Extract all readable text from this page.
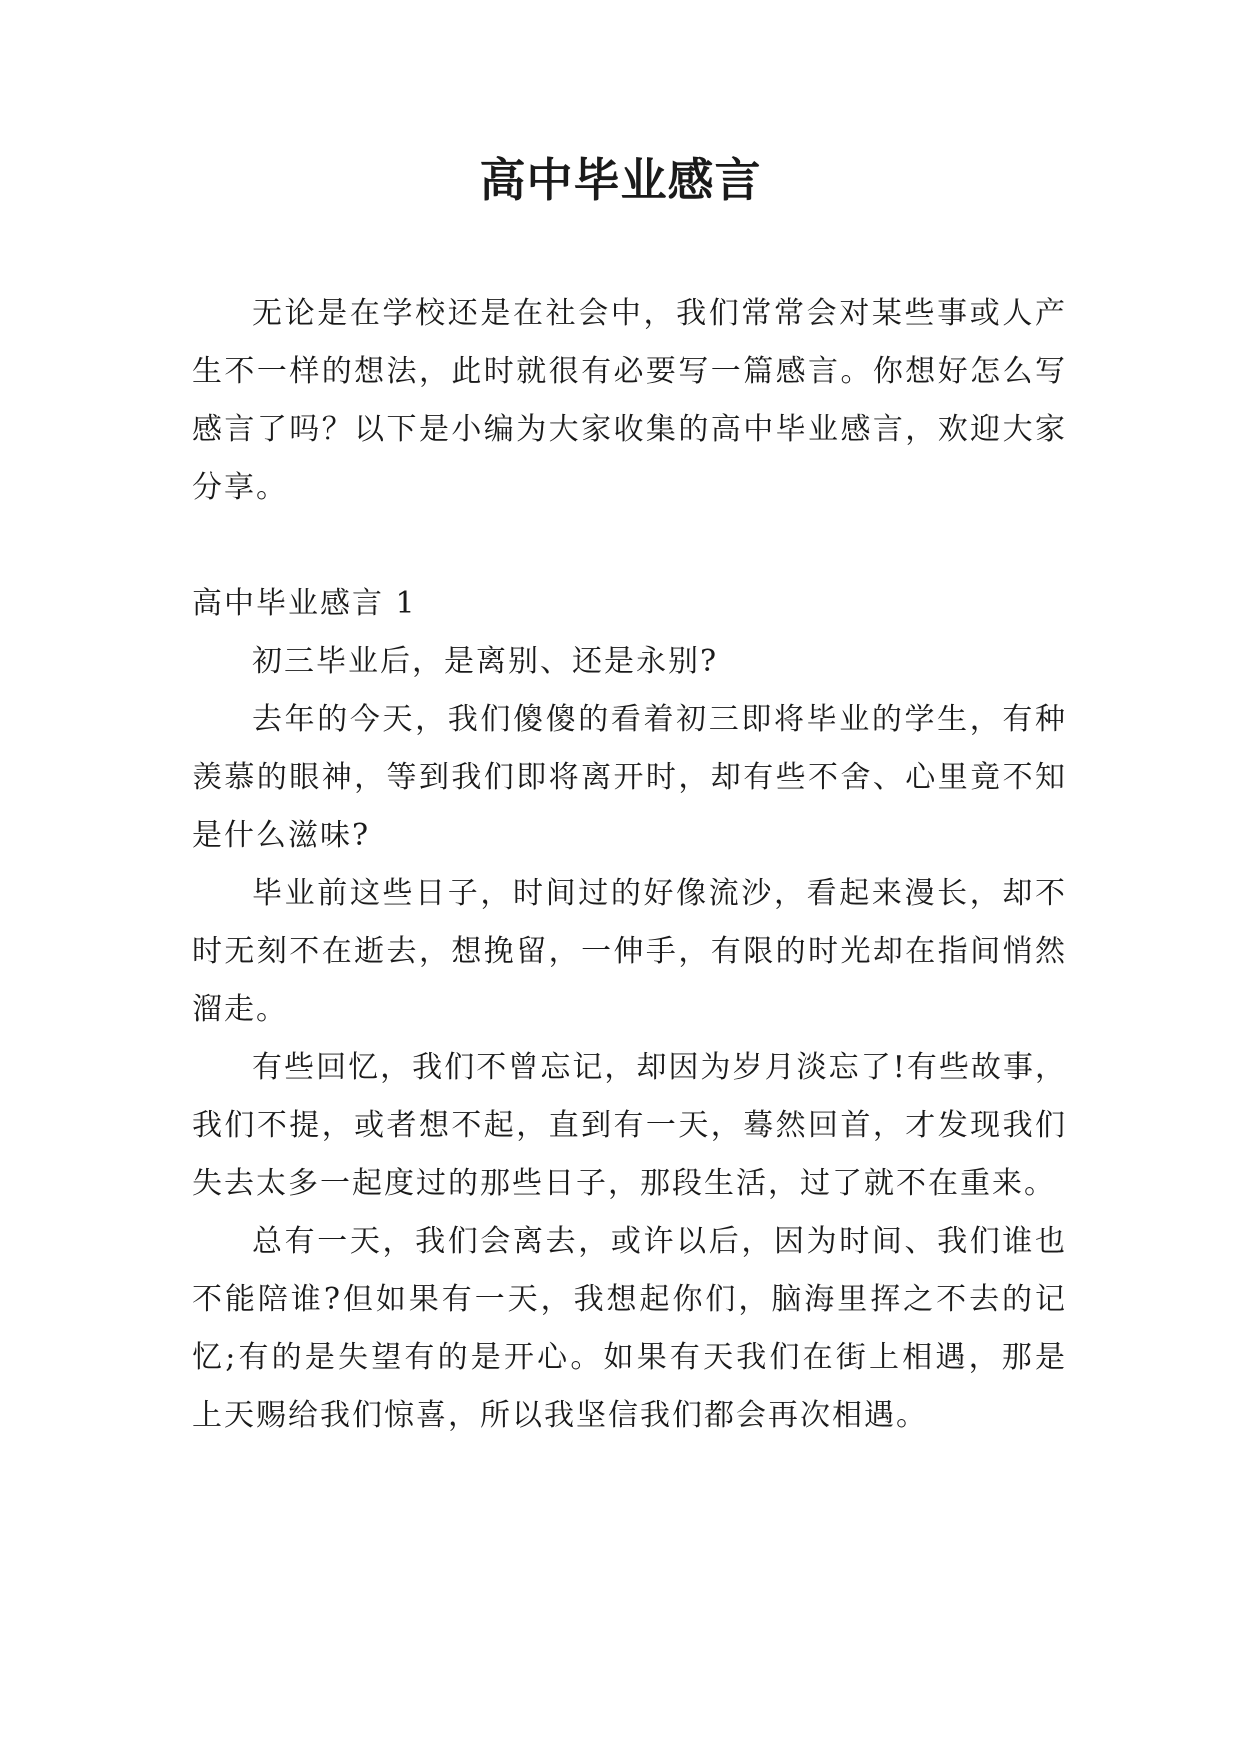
高中毕业感言

无论是在学校还是在社会中，我们常常会对某些事或人产生不一样的想法，此时就很有必要写一篇感言。你想好怎么写感言了吗？以下是小编为大家收集的高中毕业感言，欢迎大家分享。

高中毕业感言 1

初三毕业后，是离别、还是永别?

去年的今天，我们傻傻的看着初三即将毕业的学生，有种羡慕的眼神，等到我们即将离开时，却有些不舍、心里竟不知是什么滋味?

毕业前这些日子，时间过的好像流沙，看起来漫长，却不时无刻不在逝去，想挽留，一伸手，有限的时光却在指间悄然溜走。

有些回忆，我们不曾忘记，却因为岁月淡忘了!有些故事，我们不提，或者想不起，直到有一天，蓦然回首，才发现我们失去太多一起度过的那些日子，那段生活，过了就不在重来。

总有一天，我们会离去，或许以后，因为时间、我们谁也不能陪谁?但如果有一天，我想起你们，脑海里挥之不去的记忆;有的是失望有的是开心。如果有天我们在街上相遇，那是上天赐给我们惊喜，所以我坚信我们都会再次相遇。
